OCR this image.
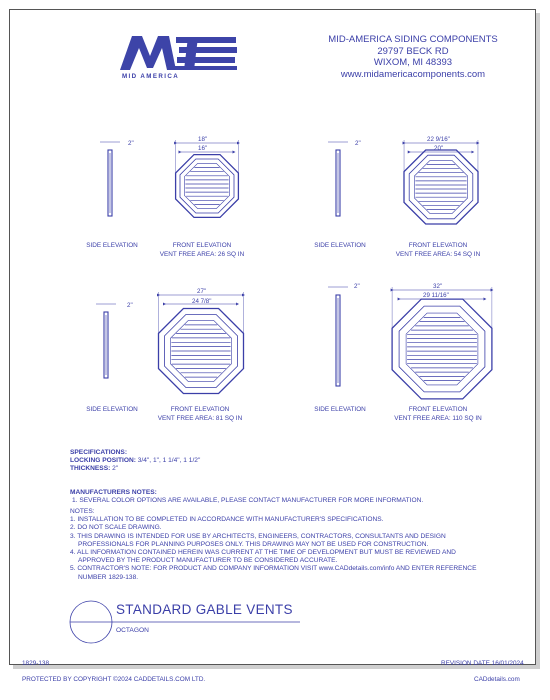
MID AMERICA
MID-AMERICA SIDING COMPONENTS
29797 BECK RD
WIXOM, MI 48393
www.midamericacomponents.com
2"
18"
16"
SIDE ELEVATION	FRONT ELEVATION
VENT FREE AREA: 26 SQ IN
2"
22 9/16"
20"
SIDE ELEVATION	FRONT ELEVATION
VENT FREE AREA: 54 SQ IN
2"
27"
24 7/8"
SIDE ELEVATION	FRONT ELEVATION
VENT FREE AREA: 81 SQ IN
2"	32"
29 11/16"
SIDE ELEVATION	FRONT ELEVATION
VENT FREE AREA: 110 SQ IN
SPECIFICATIONS:
LOCKING POSITION: 3/4", 1", 1 1/4", 1 1/2"
THICKNESS: 2"
MANUFACTURERS NOTES:
1. SEVERAL COLOR OPTIONS ARE AVAILABLE, PLEASE CONTACT MANUFACTURER FOR MORE INFORMATION.
NOTES:
1. INSTALLATION TO BE COMPLETED IN ACCORDANCE WITH MANUFACTURER'S SPECIFICATIONS.
2. DO NOT SCALE DRAWING.
3. THIS DRAWING IS INTENDED FOR USE BY ARCHITECTS, ENGINEERS, CONTRACTORS, CONSULTANTS AND DESIGN PROFESSIONALS FOR PLANNING PURPOSES ONLY. THIS DRAWING MAY NOT BE USED FOR CONSTRUCTION.
4. ALL INFORMATION CONTAINED HEREIN WAS CURRENT AT THE TIME OF DEVELOPMENT BUT MUST BE REVIEWED AND APPROVED BY THE PRODUCT MANUFACTURER TO BE CONSIDERED ACCURATE.
5. CONTRACTOR'S NOTE: FOR PRODUCT AND COMPANY INFORMATION VISIT www.CADdetails.com/info AND ENTER REFERENCE NUMBER 1829-138.
STANDARD GABLE VENTS
OCTAGON
1829-138	REVISION DATE 16/01/2024
PROTECTED BY COPYRIGHT ©2024 CADDETAILS.COM LTD.	CADdetails.com
